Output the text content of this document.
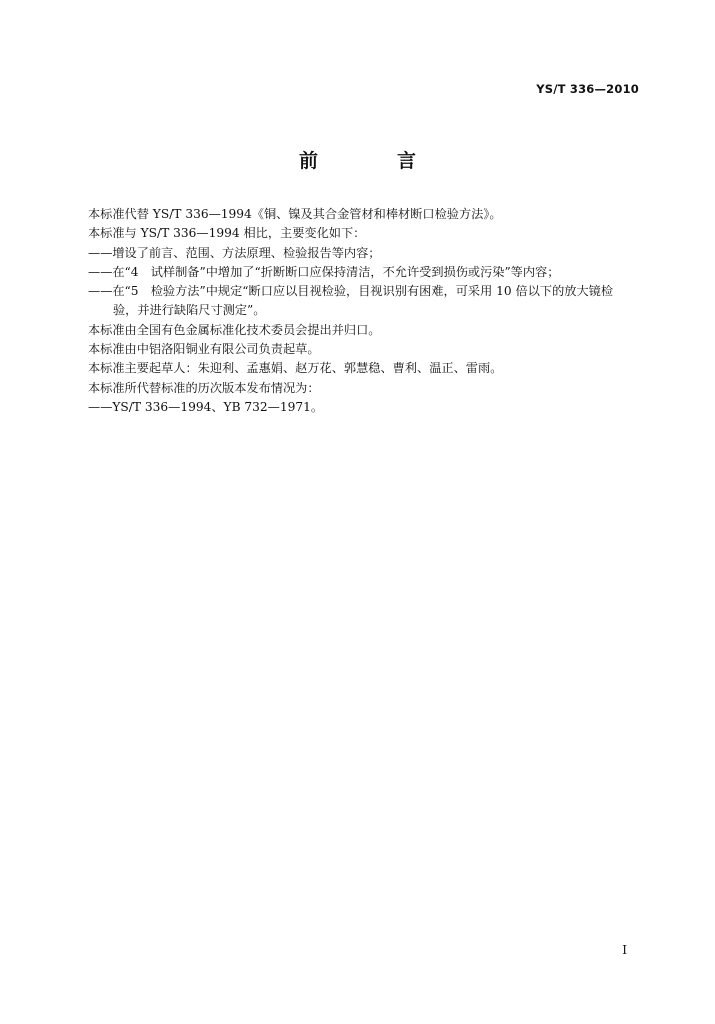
YS/T 336—2010
前　言
本标准代替 YS/T 336—1994《铜、镍及其合金管材和棒材断口检验方法》。
本标准与 YS/T 336—1994 相比，主要变化如下：
——增设了前言、范围、方法原理、检验报告等内容；
——在“4　试样制备”中增加了“折断断口应保持清洁，不允许受到损伤或污染”等内容；
——在“5　检验方法”中规定“断口应以目视检验，目视识别有困难，可采用 10 倍以下的放大镜检
验，并进行缺陷尺寸测定”。
本标准由全国有色金属标准化技术委员会提出并归口。
本标准由中铝洛阳铜业有限公司负责起草。
本标准主要起草人：朱迎利、孟惠娟、赵万花、郭慧稳、曹利、温正、雷雨。
本标准所代替标准的历次版本发布情况为：
——YS/T 336—1994、YB 732—1971。
I
